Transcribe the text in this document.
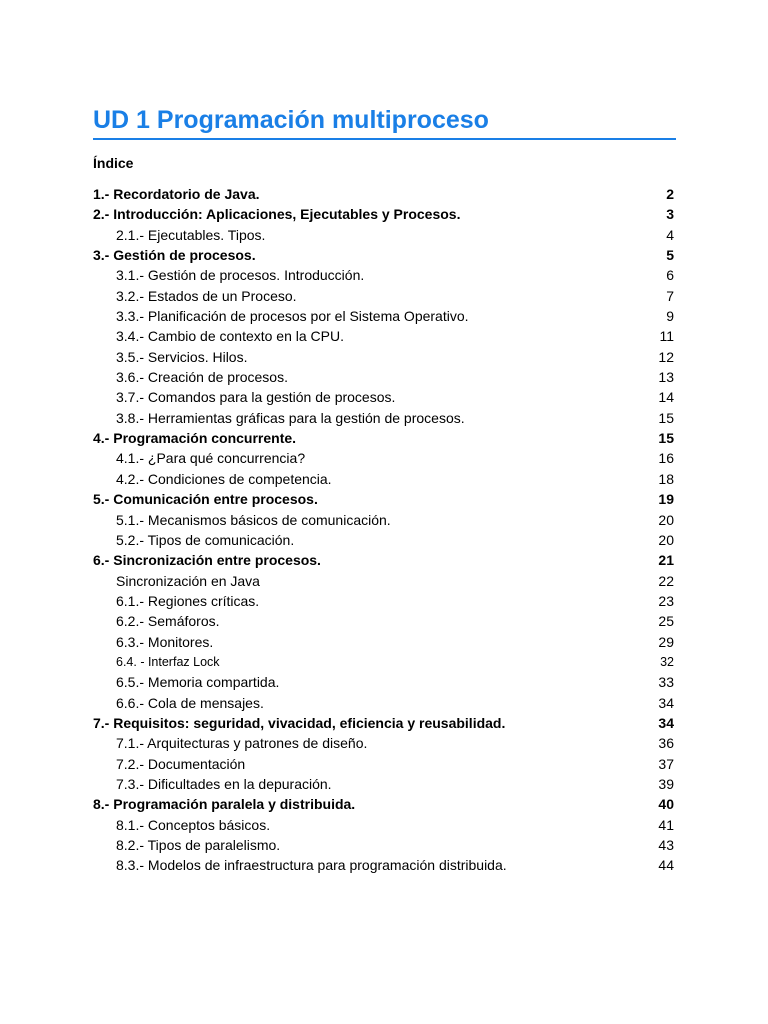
UD 1 Programación multiproceso
Índice
1.- Recordatorio de Java.	2
2.- Introducción: Aplicaciones, Ejecutables y Procesos.	3
2.1.- Ejecutables. Tipos.	4
3.- Gestión de procesos.	5
3.1.- Gestión de procesos. Introducción.	6
3.2.- Estados de un Proceso.	7
3.3.- Planificación de procesos por el Sistema Operativo.	9
3.4.- Cambio de contexto en la CPU.	11
3.5.- Servicios. Hilos.	12
3.6.- Creación de procesos.	13
3.7.- Comandos para la gestión de procesos.	14
3.8.- Herramientas gráficas para la gestión de procesos.	15
4.- Programación concurrente.	15
4.1.- ¿Para qué concurrencia?	16
4.2.- Condiciones de competencia.	18
5.- Comunicación entre procesos.	19
5.1.- Mecanismos básicos de comunicación.	20
5.2.- Tipos de comunicación.	20
6.- Sincronización entre procesos.	21
Sincronización en Java	22
6.1.- Regiones críticas.	23
6.2.- Semáforos.	25
6.3.- Monitores.	29
6.4. - Interfaz Lock	32
6.5.- Memoria compartida.	33
6.6.- Cola de mensajes.	34
7.- Requisitos: seguridad, vivacidad, eficiencia y reusabilidad.	34
7.1.- Arquitecturas y patrones de diseño.	36
7.2.- Documentación	37
7.3.- Dificultades en la depuración.	39
8.- Programación paralela y distribuida.	40
8.1.- Conceptos básicos.	41
8.2.- Tipos de paralelismo.	43
8.3.- Modelos de infraestructura para programación distribuida.	44
